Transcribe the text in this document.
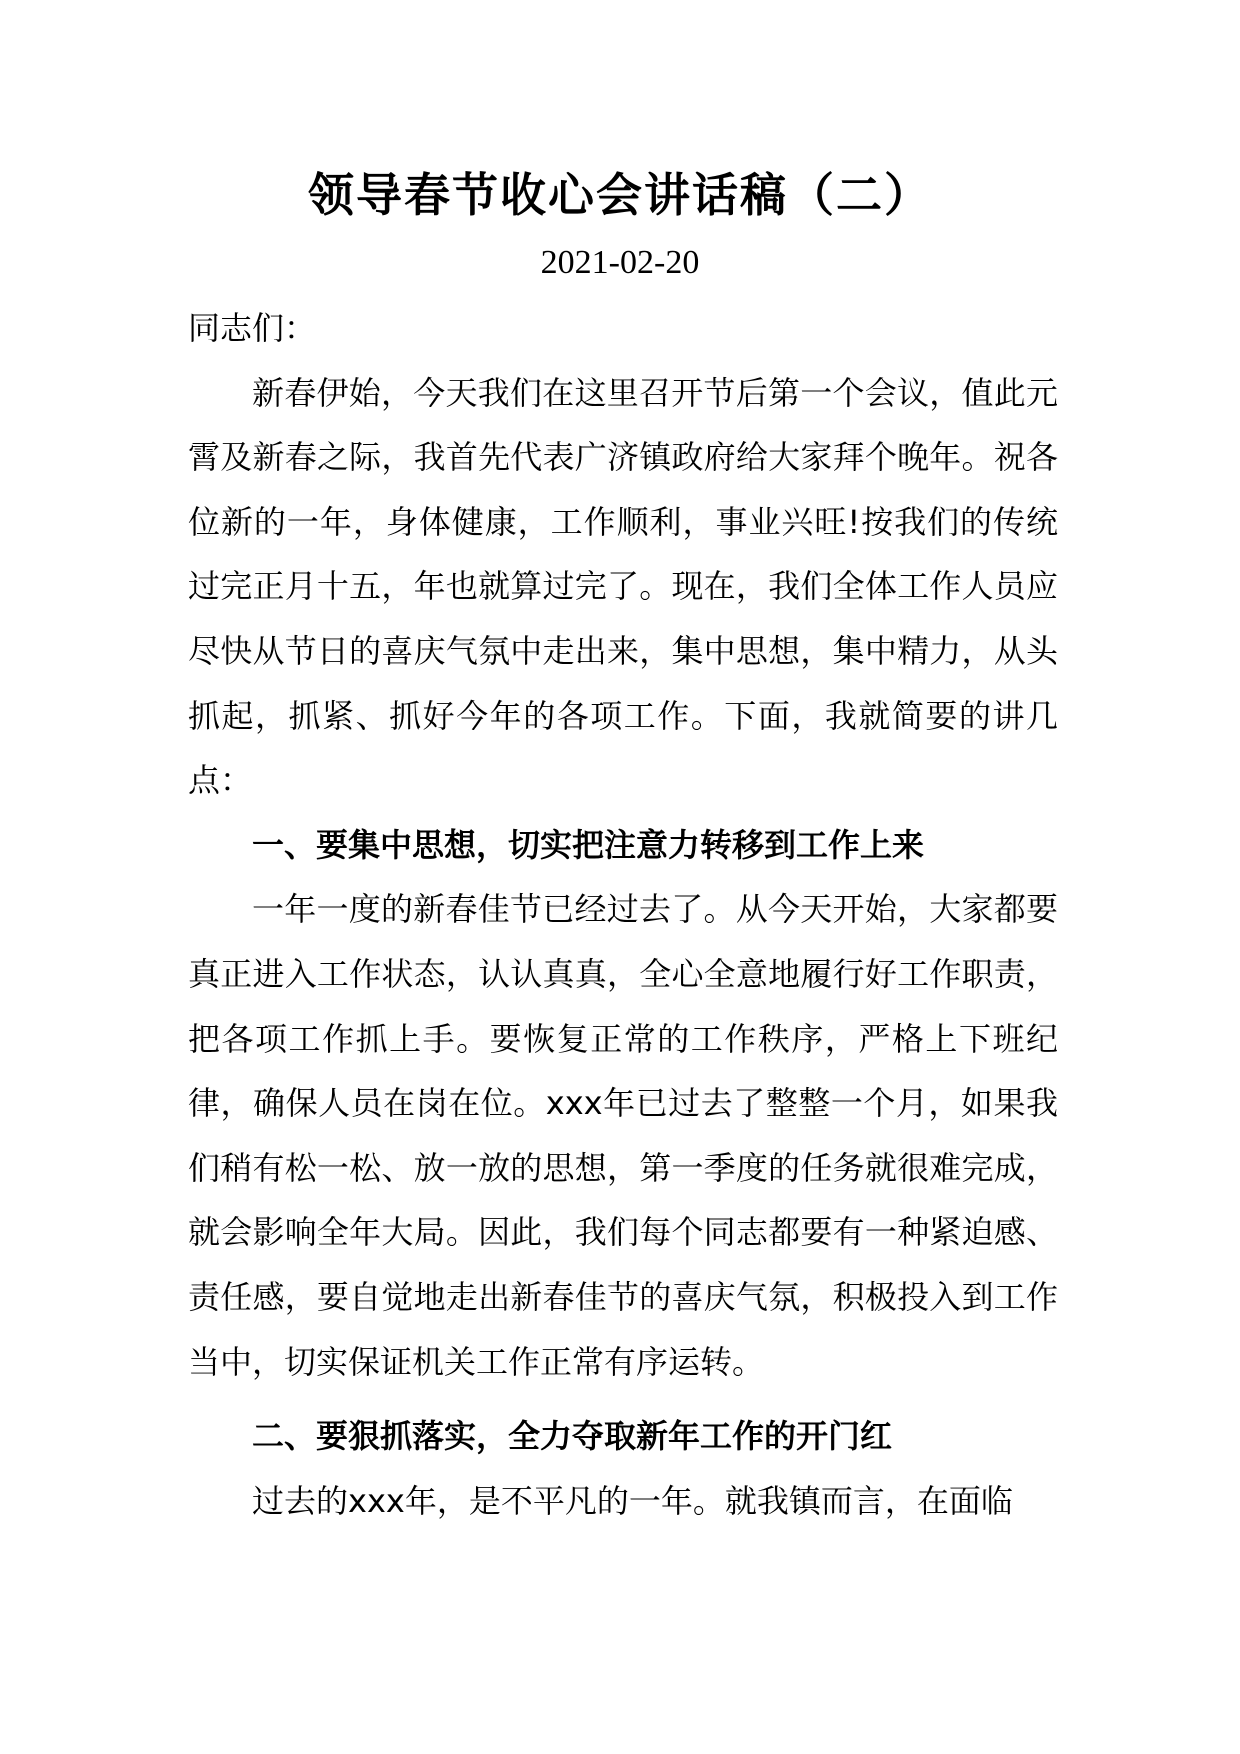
领导春节收心会讲话稿（二）
2021-02-20

同志们：

新春伊始，今天我们在这里召开节后第一个会议，值此元霄及新春之际，我首先代表广济镇政府给大家拜个晚年。祝各位新的一年，身体健康，工作顺利，事业兴旺!按我们的传统过完正月十五，年也就算过完了。现在，我们全体工作人员应尽快从节日的喜庆气氛中走出来，集中思想，集中精力，从头抓起，抓紧、抓好今年的各项工作。下面，我就简要的讲几点：

一、要集中思想，切实把注意力转移到工作上来

一年一度的新春佳节已经过去了。从今天开始，大家都要真正进入工作状态，认认真真，全心全意地履行好工作职责，把各项工作抓上手。要恢复正常的工作秩序，严格上下班纪律，确保人员在岗在位。xxx年已过去了整整一个月，如果我们稍有松一松、放一放的思想，第一季度的任务就很难完成，就会影响全年大局。因此，我们每个同志都要有一种紧迫感、责任感，要自觉地走出新春佳节的喜庆气氛，积极投入到工作当中，切实保证机关工作正常有序运转。

二、要狠抓落实，全力夺取新年工作的开门红

过去的xxx年，是不平凡的一年。就我镇而言，在面临
